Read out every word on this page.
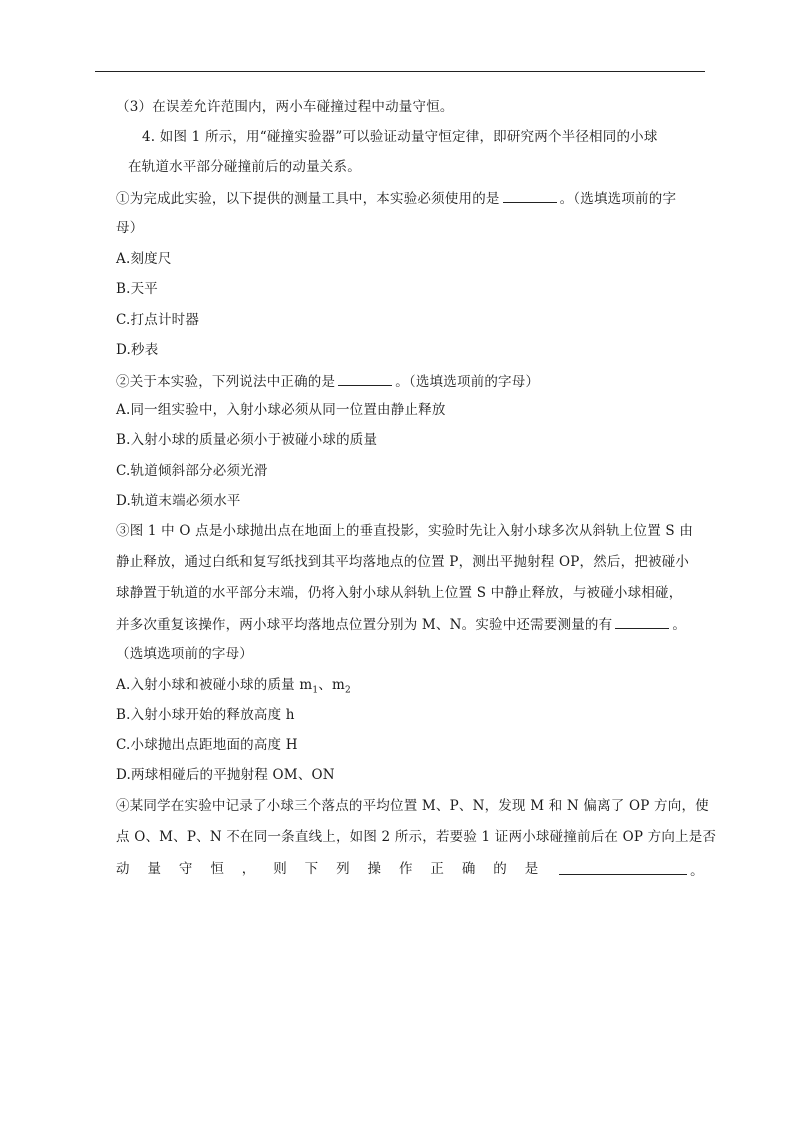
（3）在误差允许范围内，两小车碰撞过程中动量守恒。
4. 如图 1 所示，用“碰撞实验器”可以验证动量守恒定律，即研究两个半径相同的小球
在轨道水平部分碰撞前后的动量关系。
①为完成此实验，以下提供的测量工具中，本实验必须使用的是	。（选填选项前的字
母）
A.刻度尺
B.天平
C.打点计时器
D.秒表
②关于本实验，下列说法中正确的是	。（选填选项前的字母）
A.同一组实验中，入射小球必须从同一位置由静止释放
B.入射小球的质量必须小于被碰小球的质量
C.轨道倾斜部分必须光滑
D.轨道末端必须水平
③图 1 中 O 点是小球抛出点在地面上的垂直投影，实验时先让入射小球多次从斜轨上位置 S 由
静止释放，通过白纸和复写纸找到其平均落地点的位置 P，测出平抛射程 OP，然后，把被碰小
球静置于轨道的水平部分末端，仍将入射小球从斜轨上位置 S 中静止释放，与被碰小球相碰，
并多次重复该操作，两小球平均落地点位置分别为 M、N。实验中还需要测量的有	。
（选填选项前的字母）
A.入射小球和被碰小球的质量 $m_1$、$m_2$
B.入射小球开始的释放高度 h
C.小球抛出点距地面的高度 H
D.两球相碰后的平抛射程 OM、ON
④某同学在实验中记录了小球三个落点的平均位置 M、P、N，发现 M 和 N 偏离了 OP 方向，使
点 O、M、P、N 不在同一条直线上，如图 2 所示，若要验 1 证两小球碰撞前后在 OP 方向上是否
动 量 守 恒 ， 则 下 列 操 作 正 确 的 是	。
